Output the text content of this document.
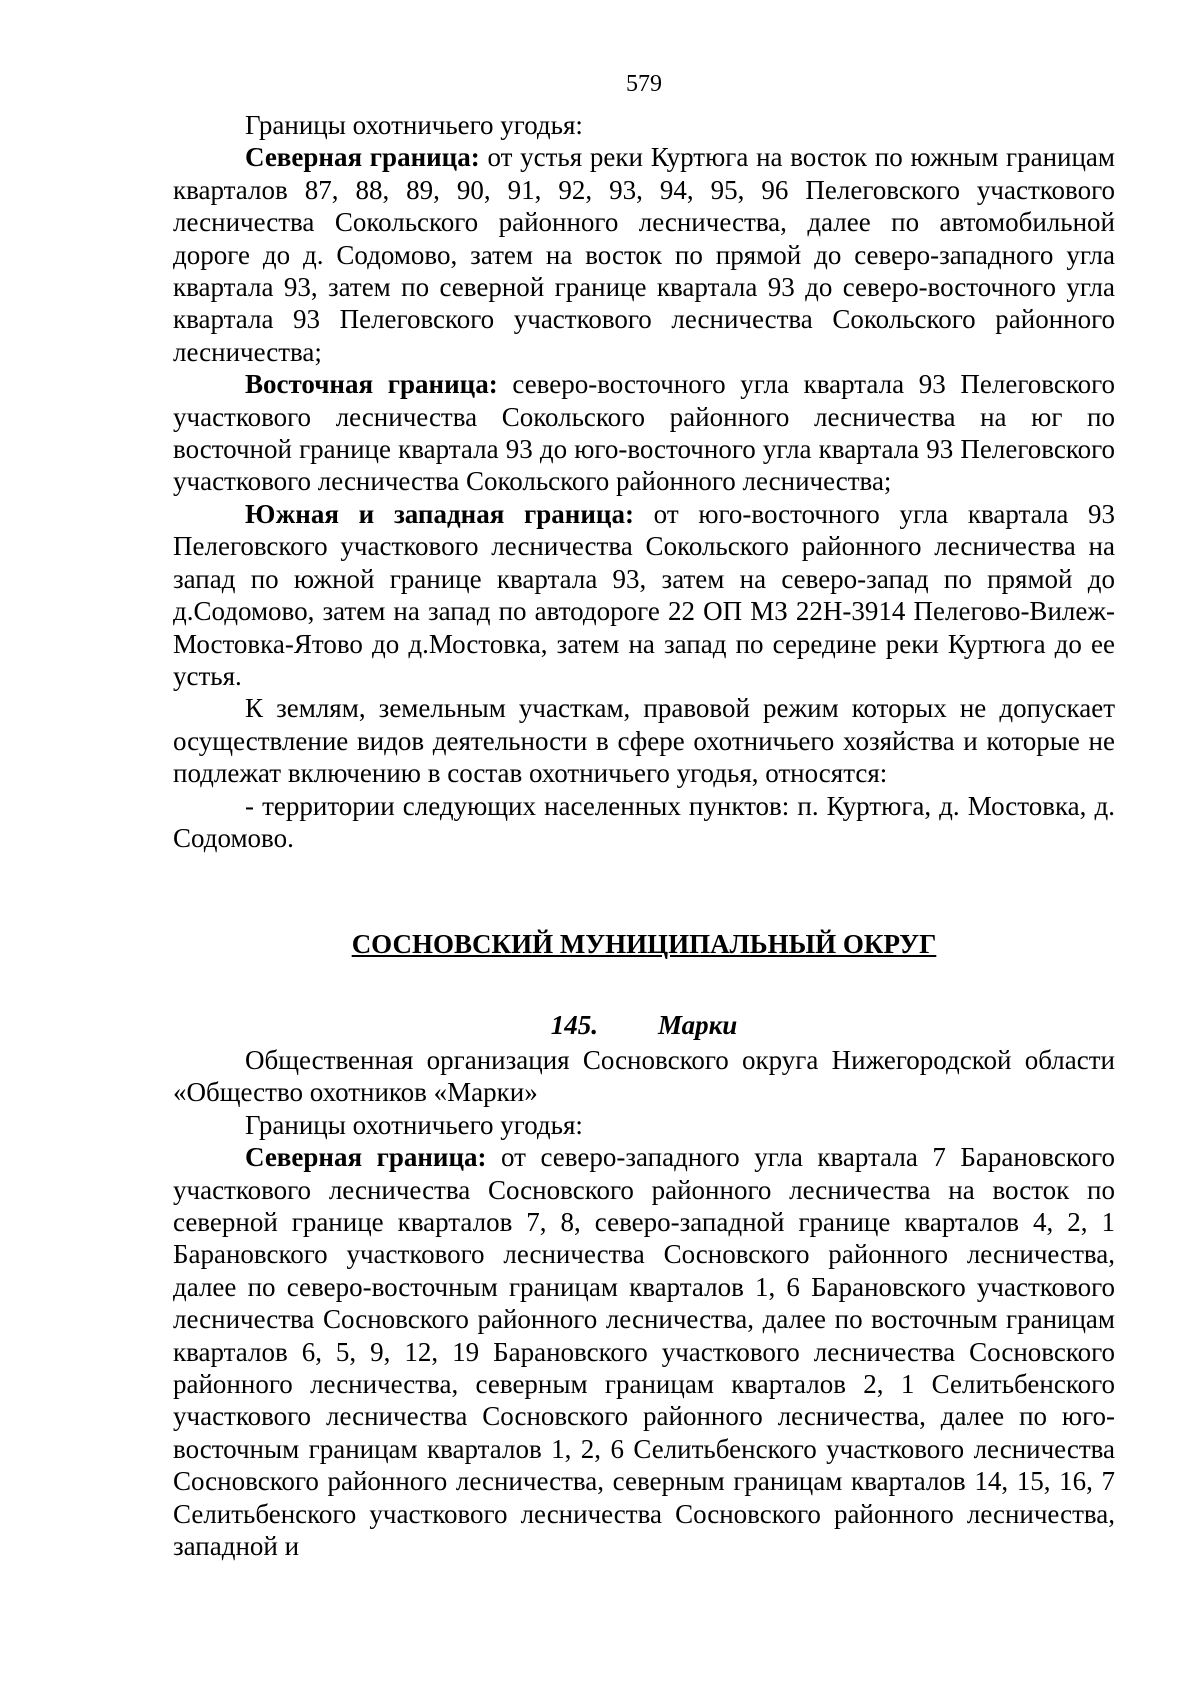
579

Границы охотничьего угодья:

Северная граница: от устья реки Куртюга на восток по южным границам кварталов 87, 88, 89, 90, 91, 92, 93, 94, 95, 96 Пелеговского участкового лесничества Сокольского районного лесничества, далее по автомобильной дороге до д. Содомово, затем на восток по прямой до северо-западного угла квартала 93, затем по северной границе квартала 93 до северо-восточного угла квартала 93 Пелеговского участкового лесничества Сокольского районного лесничества;

Восточная граница: северо-восточного угла квартала 93 Пелеговского участкового лесничества Сокольского районного лесничества на юг по восточной границе квартала 93 до юго-восточного угла квартала 93 Пелеговского участкового лесничества Сокольского районного лесничества;

Южная и западная граница: от юго-восточного угла квартала 93 Пелеговского участкового лесничества Сокольского районного лесничества на запад по южной границе квартала 93, затем на северо-запад по прямой до д.Содомово, затем на запад по автодороге 22 ОП МЗ 22Н-3914 Пелегово-Вилеж- Мостовка-Ятово до д.Мостовка, затем на запад по середине реки Куртюга до ее устья.

К землям, земельным участкам, правовой режим которых не допускает осуществление видов деятельности в сфере охотничьего хозяйства и которые не подлежат включению в состав охотничьего угодья, относятся:

- территории следующих населенных пунктов: п. Куртюга, д. Мостовка, д. Содомово.

СОСНОВСКИЙ МУНИЦИПАЛЬНЫЙ ОКРУГ
145. Марки

Общественная организация Сосновского округа Нижегородской области «Общество охотников «Марки»

Границы охотничьего угодья:

Северная граница: от северо-западного угла квартала 7 Барановского участкового лесничества Сосновского районного лесничества на восток по северной границе кварталов 7, 8, северо-западной границе кварталов 4, 2, 1 Барановского участкового лесничества Сосновского районного лесничества, далее по северо-восточным границам кварталов 1, 6 Барановского участкового лесничества Сосновского районного лесничества, далее по восточным границам кварталов 6, 5, 9, 12, 19 Барановского участкового лесничества Сосновского районного лесничества, северным границам кварталов 2, 1 Селитьбенского участкового лесничества Сосновского районного лесничества, далее по юго-восточным границам кварталов 1, 2, 6 Селитьбенского участкового лесничества Сосновского районного лесничества, северным границам кварталов 14, 15, 16, 7 Селитьбенского участкового лесничества Сосновского районного лесничества, западной и
